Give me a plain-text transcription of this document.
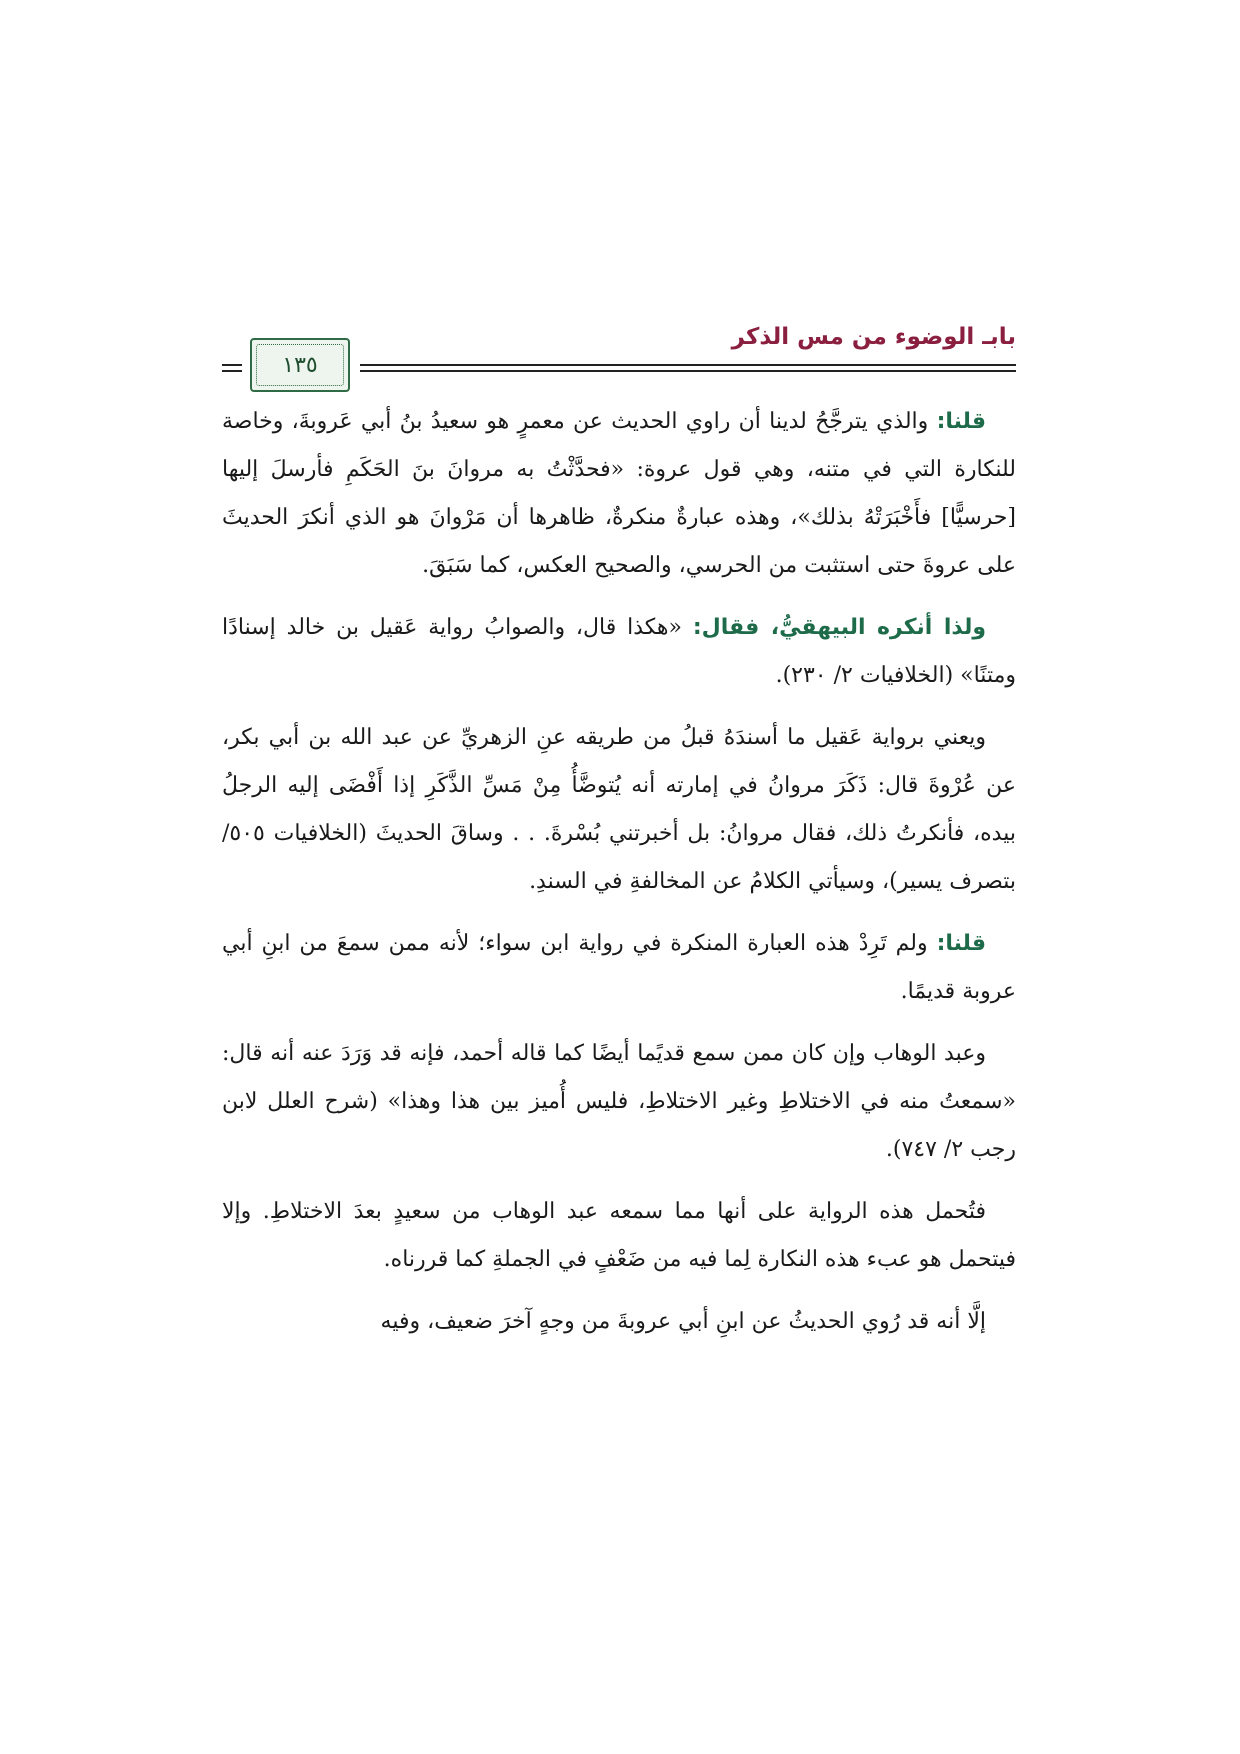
بابـ الوضوء من مس الذكر
١٣٥

قلنا: والذي يترجَّحُ لدينا أن راوي الحديث عن معمرٍ هو سعيدُ بنُ أبي عَروبةَ، وخاصة للنكارة التي في متنه، وهي قول عروة: «فحدَّثْتُ به مروانَ بنَ الحَكَمِ فأرسلَ إليها [حرسيًّا] فأَخْبَرَتْهُ بذلك»، وهذه عبارةٌ منكرةٌ، ظاهرها أن مَرْوانَ هو الذي أنكرَ الحديثَ على عروةَ حتى استثبت من الحرسي، والصحيح العكس، كما سَبَقَ.

ولذا أنكره البيهقيُّ، فقال: «هكذا قال، والصوابُ رواية عَقيل بن خالد إسنادًا ومتنًا» (الخلافيات ٢/ ٢٣٠).

ويعني برواية عَقيل ما أسندَهُ قبلُ من طريقه عنِ الزهريِّ عن عبد الله بن أبي بكر، عن عُرْوةَ قال: ذَكَرَ مروانُ في إمارته أنه يُتوضَّأُ مِنْ مَسِّ الذَّكَرِ إذا أَفْضَى إليه الرجلُ بيده، فأنكرتُ ذلك، فقال مروانُ: بل أخبرتني بُسْرةَ. . . وساقَ الحديثَ (الخلافيات ٥٠٥/ بتصرف يسير)، وسيأتي الكلامُ عن المخالفةِ في السندِ.

قلنا: ولم تَرِدْ هذه العبارة المنكرة في رواية ابن سواء؛ لأنه ممن سمعَ من ابنِ أبي عروبة قديمًا.

وعبد الوهاب وإن كان ممن سمع قديًما أيضًا كما قاله أحمد، فإنه قد وَرَدَ عنه أنه قال: «سمعتُ منه في الاختلاطِ وغير الاختلاطِ، فليس أُميز بين هذا وهذا» (شرح العلل لابن رجب ٢/ ٧٤٧).

فتُحمل هذه الرواية على أنها مما سمعه عبد الوهاب من سعيدٍ بعدَ الاختلاطِ. وإلا فيتحمل هو عبء هذه النكارة لِما فيه من ضَعْفٍ في الجملةِ كما قررناه.

إلَّا أنه قد رُوي الحديثُ عن ابنِ أبي عروبةَ من وجهٍ آخرَ ضعيف، وفيه
